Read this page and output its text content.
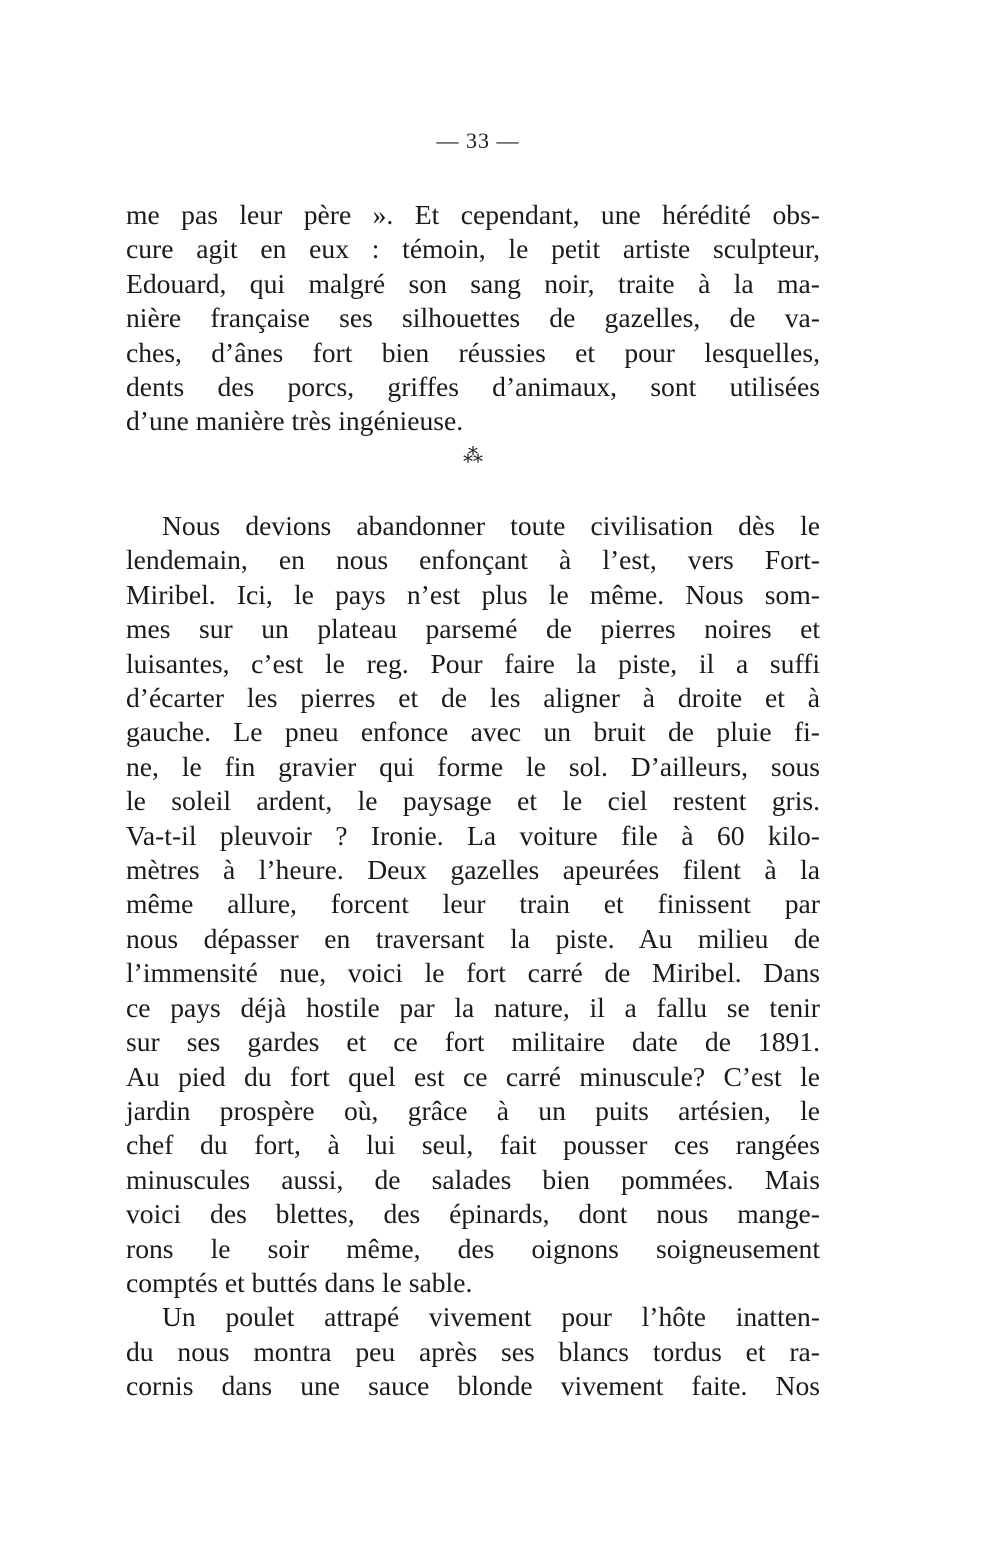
— 33 —
me pas leur père ». Et cependant, une hérédité obs-
cure agit en eux : témoin, le petit artiste sculpteur,
Edouard, qui malgré son sang noir, traite à la ma-
nière française ses silhouettes de gazelles, de va-
ches, d’ânes fort bien réussies et pour lesquelles,
dents des porcs, griffes d’animaux, sont utilisées
d’une manière très ingénieuse.
⁂
Nous devions abandonner toute civilisation dès le
lendemain, en nous enfonçant à l’est, vers Fort-
Miribel. Ici, le pays n’est plus le même. Nous som-
mes sur un plateau parsemé de pierres noires et
luisantes, c’est le reg. Pour faire la piste, il a suffi
d’écarter les pierres et de les aligner à droite et à
gauche. Le pneu enfonce avec un bruit de pluie fi-
ne, le fin gravier qui forme le sol. D’ailleurs, sous
le soleil ardent, le paysage et le ciel restent gris.
Va-t-il pleuvoir ? Ironie. La voiture file à 60 kilo-
mètres à l’heure. Deux gazelles apeurées filent à la
même allure, forcent leur train et finissent par
nous dépasser en traversant la piste. Au milieu de
l’immensité nue, voici le fort carré de Miribel. Dans
ce pays déjà hostile par la nature, il a fallu se tenir
sur ses gardes et ce fort militaire date de 1891.
Au pied du fort quel est ce carré minuscule? C’est le
jardin prospère où, grâce à un puits artésien, le
chef du fort, à lui seul, fait pousser ces rangées
minuscules aussi, de salades bien pommées. Mais
voici des blettes, des épinards, dont nous mange-
rons le soir même, des oignons soigneusement
comptés et buttés dans le sable.
Un poulet attrapé vivement pour l’hôte inatten-
du nous montra peu après ses blancs tordus et ra-
cornis dans une sauce blonde vivement faite. Nos
